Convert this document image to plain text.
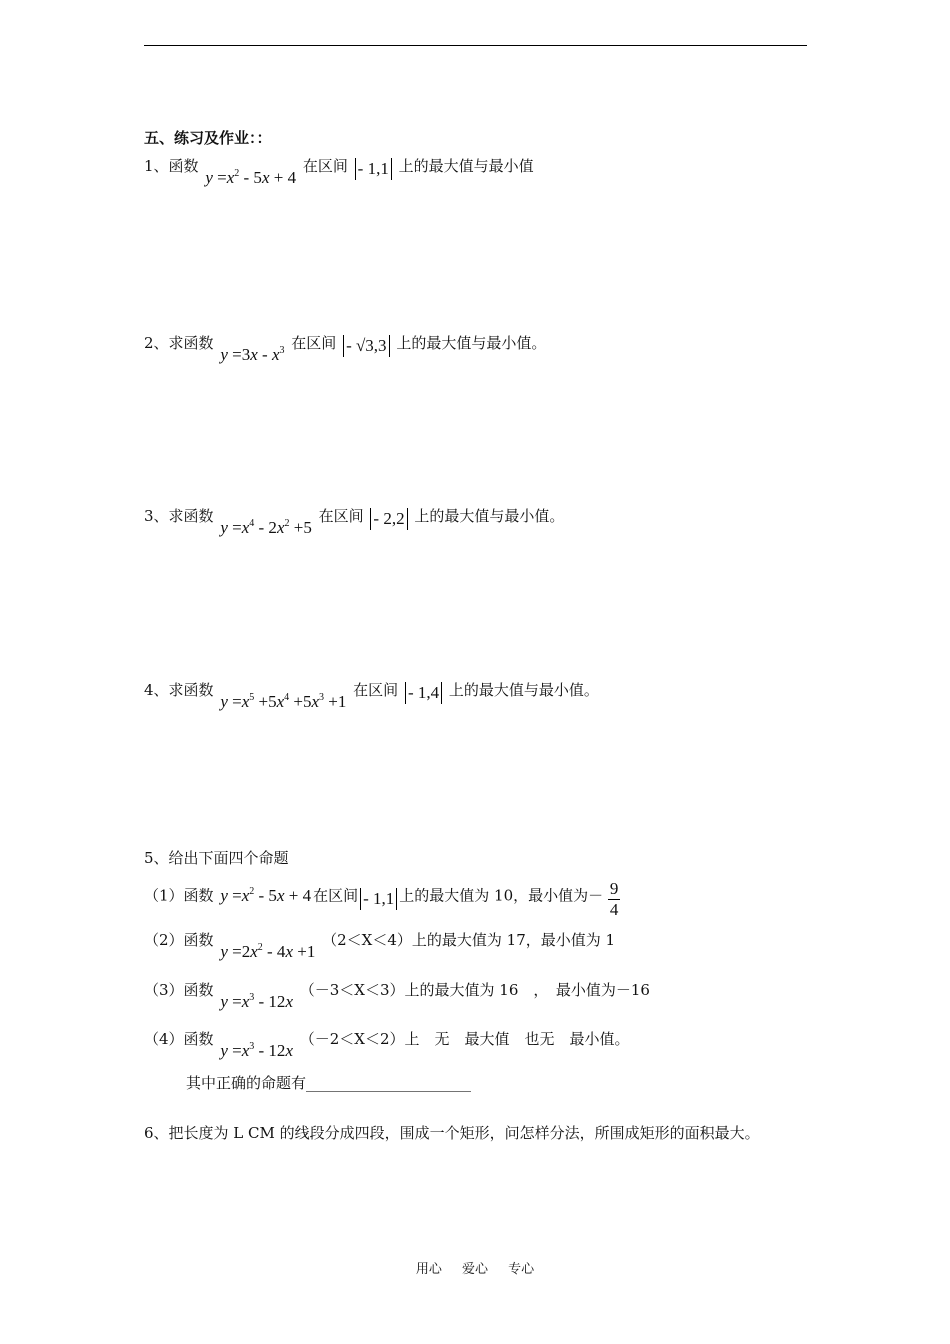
五、练习及作业：：
1、函数 $y =x^2 - 5x + 4$ 在区间 - 1,1 上的最大值与最小值
2、求函数 $y =3x - x^3$ 在区间 - √3,3 上的最大值与最小值。
3、求函数 $y =x^4 - 2x^2 +5$ 在区间 - 2,2 上的最大值与最小值。
4、求函数 $y =x^5 +5x^4 +5x^3 +1$ 在区间 - 1,4 上的最大值与最小值。
5、给出下面四个命题
（1）函数 $y =x^2 - 5x + 4$ 在区间 - 1,1 上的最大值为 10，最小值为－ $\frac{9}{4}$
（2）函数 $y =2x^2 - 4x +1$ （2＜X＜4）上的最大值为 17，最小值为 1
（3）函数 $y =x^3 - 12x$ （－3＜X＜3）上的最大值为 16　，　最小值为－16
（4）函数 $y =x^3 - 12x$ （－2＜X＜2）上　无　最大值　也无　最小值。
其中正确的命题有______________________
6、把长度为 L CM 的线段分成四段，围成一个矩形，问怎样分法，所围成矩形的面积最大。
用心 爱心 专心
